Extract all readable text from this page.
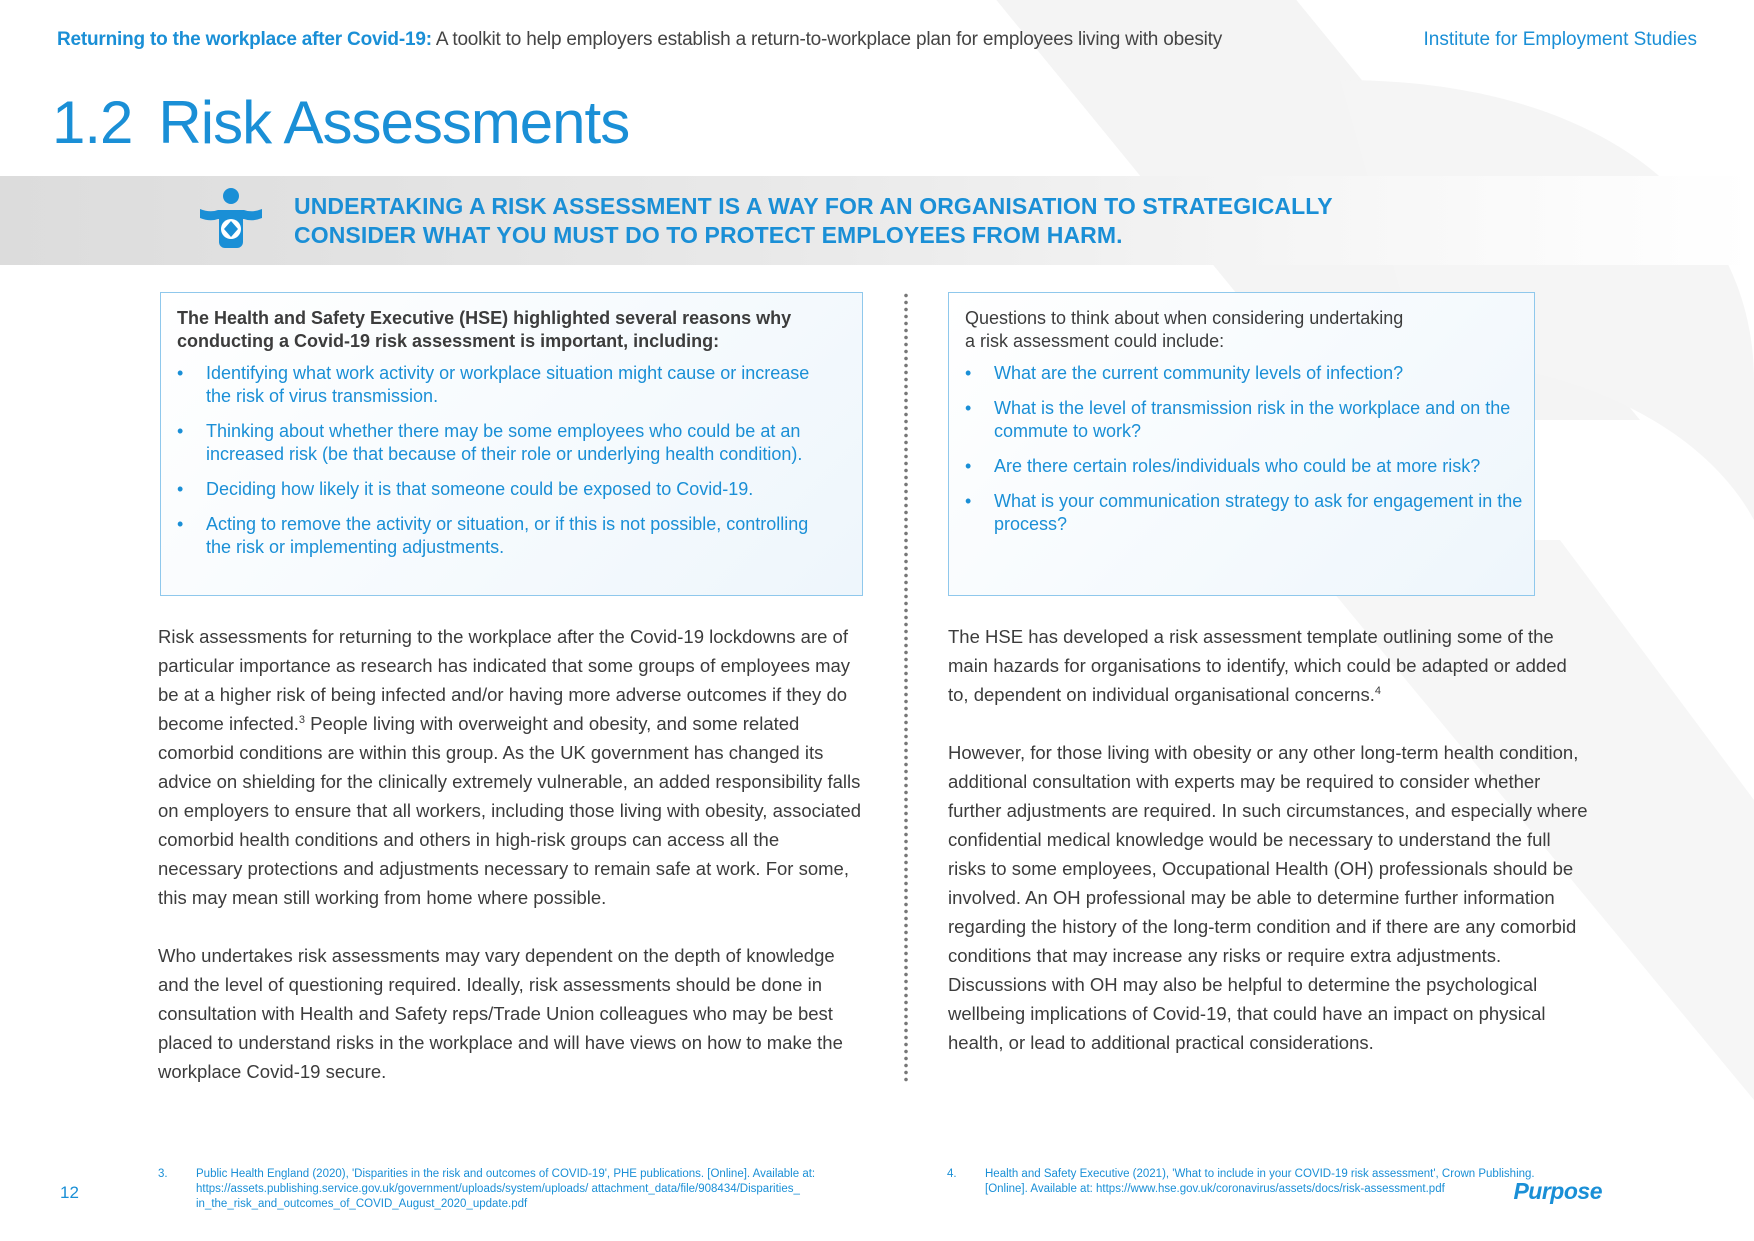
Returning to the workplace after Covid-19: A toolkit to help employers establish a return-to-workplace plan for employees living with obesity	Institute for Employment Studies
1.2 Risk Assessments
UNDERTAKING A RISK ASSESSMENT IS A WAY FOR AN ORGANISATION TO STRATEGICALLY
CONSIDER WHAT YOU MUST DO TO PROTECT EMPLOYEES FROM HARM.
The Health and Safety Executive (HSE) highlighted several reasons why
conducting a Covid-19 risk assessment is important, including:
• Identifying what work activity or workplace situation might cause or increase the risk of virus transmission.
• Thinking about whether there may be some employees who could be at an increased risk (be that because of their role or underlying health condition).
• Deciding how likely it is that someone could be exposed to Covid-19.
• Acting to remove the activity or situation, or if this is not possible, controlling the risk or implementing adjustments.
Questions to think about when considering undertaking
a risk assessment could include:
• What are the current community levels of infection?
• What is the level of transmission risk in the workplace and on the commute to work?
• Are there certain roles/individuals who could be at more risk?
• What is your communication strategy to ask for engagement in the process?

Risk assessments for returning to the workplace after the Covid-19 lockdowns are of particular importance as research has indicated that some groups of employees may be at a higher risk of being infected and/or having more adverse outcomes if they do become infected.$^3$ People living with overweight and obesity, and some related comorbid conditions are within this group. As the UK government has changed its advice on shielding for the clinically extremely vulnerable, an added responsibility falls on employers to ensure that all workers, including those living with obesity, associated comorbid health conditions and others in high-risk groups can access all the necessary protections and adjustments necessary to remain safe at work. For some, this may mean still working from home where possible.

Who undertakes risk assessments may vary dependent on the depth of knowledge and the level of questioning required. Ideally, risk assessments should be done in consultation with Health and Safety reps/Trade Union colleagues who may be best placed to understand risks in the workplace and will have views on how to make the workplace Covid-19 secure.

The HSE has developed a risk assessment template outlining some of the main hazards for organisations to identify, which could be adapted or added to, dependent on individual organisational concerns.$^4$

However, for those living with obesity or any other long-term health condition, additional consultation with experts may be required to consider whether further adjustments are required. In such circumstances, and especially where confidential medical knowledge would be necessary to understand the full risks to some employees, Occupational Health (OH) professionals should be involved. An OH professional may be able to determine further information regarding the history of the long-term condition and if there are any comorbid conditions that may increase any risks or require extra adjustments. Discussions with OH may also be helpful to determine the psychological wellbeing implications of Covid-19, that could have an impact on physical health, or lead to additional practical considerations.

3. Public Health England (2020), 'Disparities in the risk and outcomes of COVID-19', PHE publications. [Online]. Available at: https://assets.publishing.service.gov.uk/government/uploads/system/uploads/ attachment_data/file/908434/Disparities_ in_the_risk_and_outcomes_of_COVID_August_2020_update.pdf
4. Health and Safety Executive (2021), 'What to include in your COVID-19 risk assessment', Crown Publishing. [Online]. Available at: https://www.hse.gov.uk/coronavirus/assets/docs/risk-assessment.pdf
12	Purpose
